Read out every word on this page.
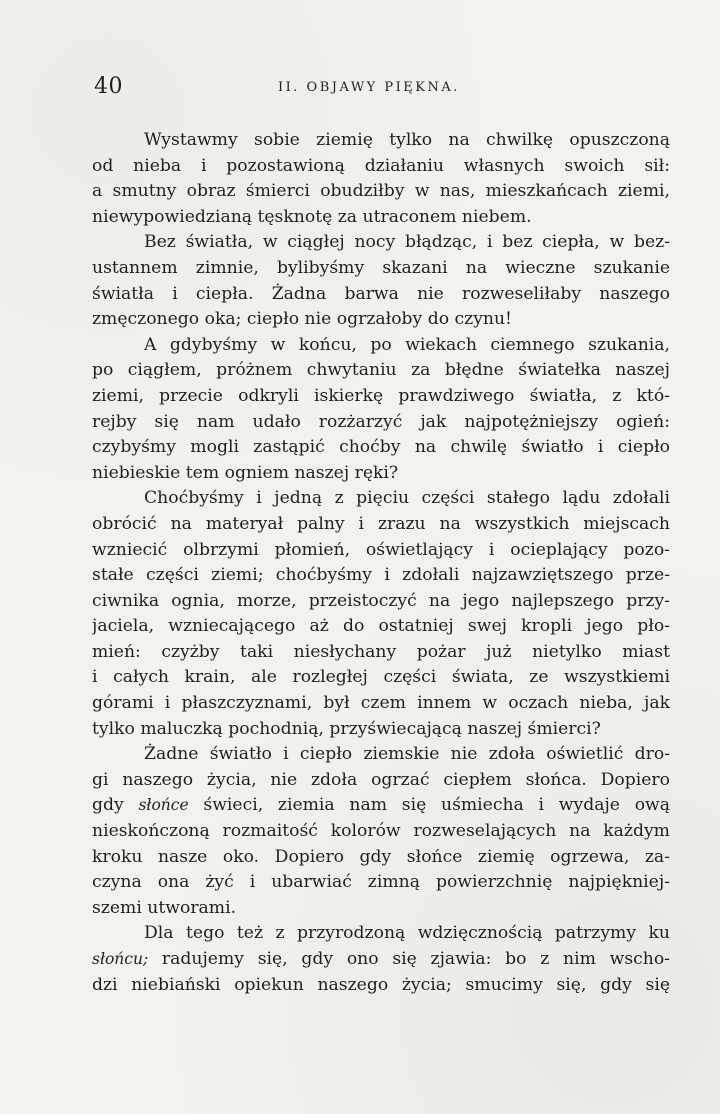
40	II. OBJAWY PIĘKNA.
Wystawmy sobie ziemię tylko na chwilkę opuszczoną
od nieba i pozostawioną działaniu własnych swoich sił:
a smutny obraz śmierci obudziłby w nas, mieszkańcach ziemi,
niewypowiedzianą tęsknotę za utraconem niebem.
Bez światła, w ciągłej nocy błądząc, i bez ciepła, w bez-
ustannem zimnie, bylibyśmy skazani na wieczne szukanie
światła i ciepła. Żadna barwa nie rozweseliłaby naszego
zmęczonego oka; ciepło nie ogrzałoby do czynu!
A gdybyśmy w końcu, po wiekach ciemnego szukania,
po ciągłem, próżnem chwytaniu za błędne światełka naszej
ziemi, przecie odkryli iskierkę prawdziwego światła, z któ-
rejby się nam udało rozżarzyć jak najpotężniejszy ogień:
czybyśmy mogli zastąpić choćby na chwilę światło i ciepło
niebieskie tem ogniem naszej ręki?
Choćbyśmy i jedną z pięciu części stałego lądu zdołali
obrócić na materyał palny i zrazu na wszystkich miejscach
wzniecić olbrzymi płomień, oświetlający i ocieplający pozo-
stałe części ziemi; choćbyśmy i zdołali najzawziętszego prze-
ciwnika ognia, morze, przeistoczyć na jego najlepszego przy-
jaciela, wzniecającego aż do ostatniej swej kropli jego pło-
mień: czyżby taki niesłychany pożar już nietylko miast
i całych krain, ale rozległej części świata, ze wszystkiemi
górami i płaszczyznami, był czem innem w oczach nieba, jak
tylko maluczką pochodnią, przyświecającą naszej śmierci?
Żadne światło i ciepło ziemskie nie zdoła oświetlić dro-
gi naszego życia, nie zdoła ogrzać ciepłem słońca. Dopiero
gdy słońce świeci, ziemia nam się uśmiecha i wydaje ową
nieskończoną rozmaitość kolorów rozweselających na każdym
kroku nasze oko. Dopiero gdy słońce ziemię ogrzewa, za-
czyna ona żyć i ubarwiać zimną powierzchnię najpiękniej-
szemi utworami.
Dla tego też z przyrodzoną wdzięcznością patrzymy ku
słońcu; radujemy się, gdy ono się zjawia: bo z nim wscho-
dzi niebiański opiekun naszego życia; smucimy się, gdy się
